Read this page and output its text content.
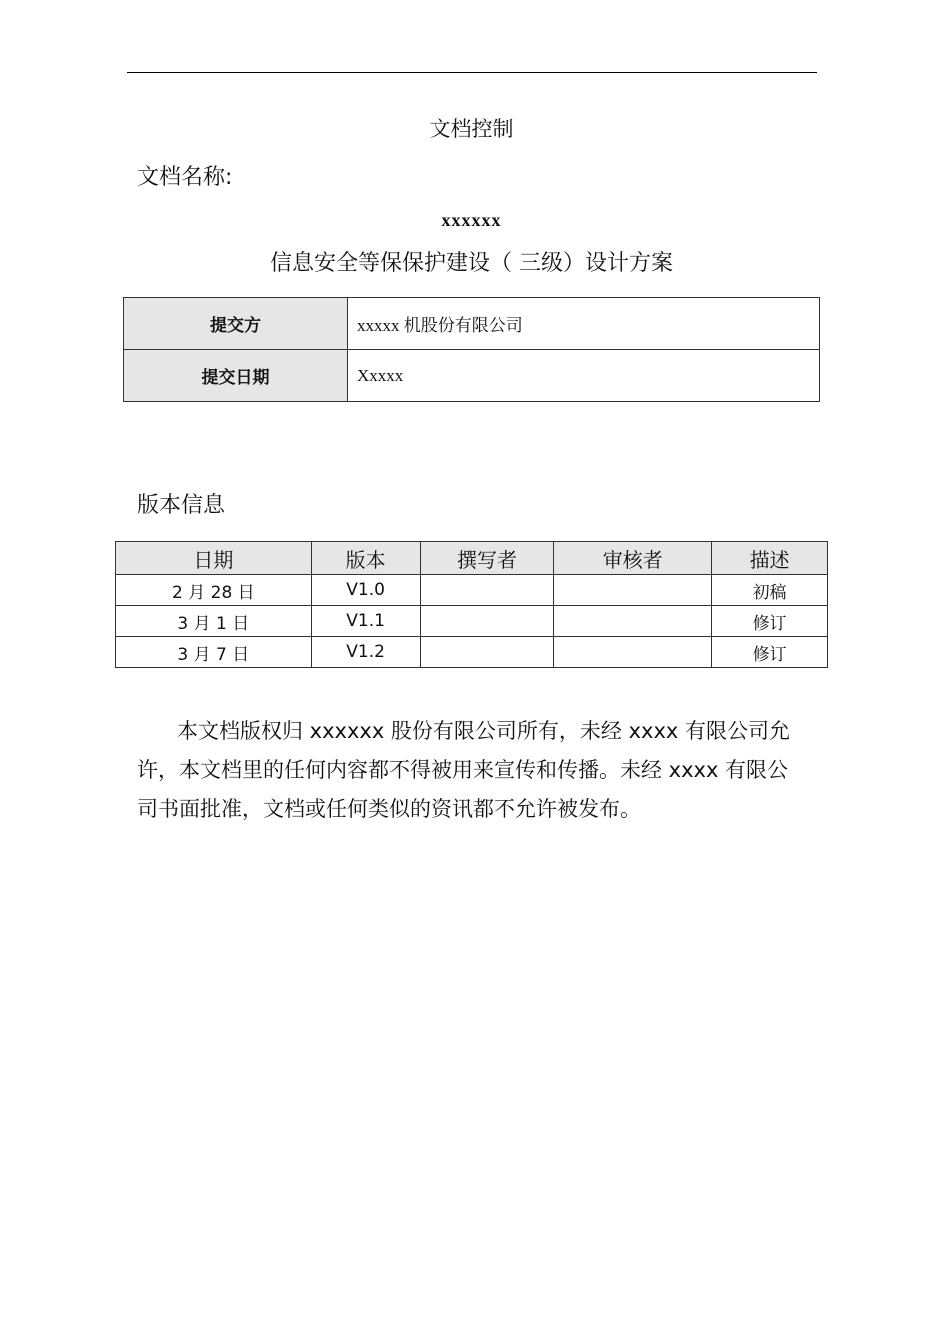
文档控制
文档名称:
xxxxxx
信息安全等保保护建设（ 三级）设计方案
提交方	xxxxx 机股份有限公司
提交日期	Xxxxx
版本信息
日期	版本	撰写者	审核者	描述
2 月 28 日	V1.0			初稿
3 月 1 日	V1.1			修订
3 月 7 日	V1.2			修订

本文档版权归 xxxxxx 股份有限公司所有，未经 xxxx 有限公司允许，本文档里的任何内容都不得被用来宣传和传播。未经 xxxx 有限公司书面批准，文档或任何类似的资讯都不允许被发布。
